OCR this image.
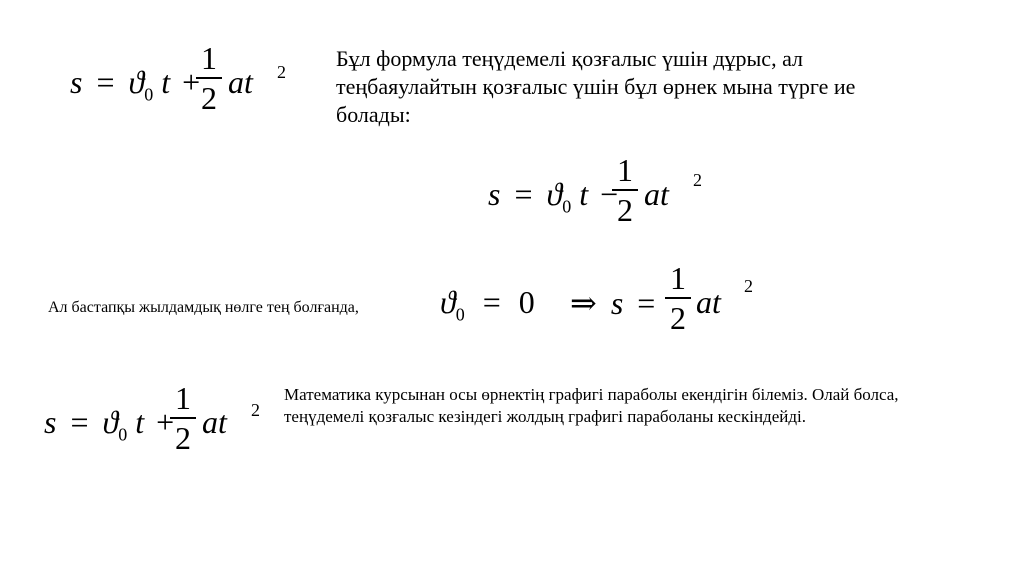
$s = ϑ_0$ t +
1
2 at 2
Бұл формула теңүдемелі қозғалыс үшін дұрыс, ал теңбаяулайтын қозғалыс үшін бұл өрнек мына түрге ие болады:
$s = ϑ_0$ t −
1
2 at 2
Ал бастапқы жылдамдық нөлге тең болғанда,	$ϑ_0 = 0$ ⇒ s =
1
2 at 2
$s = ϑ_0$ t +
1
2 at 2
Математика курсынан осы өрнектің графигі параболы екендігін білеміз. Олай болса, теңүдемелі қозғалыс кезіндегі жолдың графигі параболаны кескіндейді.
